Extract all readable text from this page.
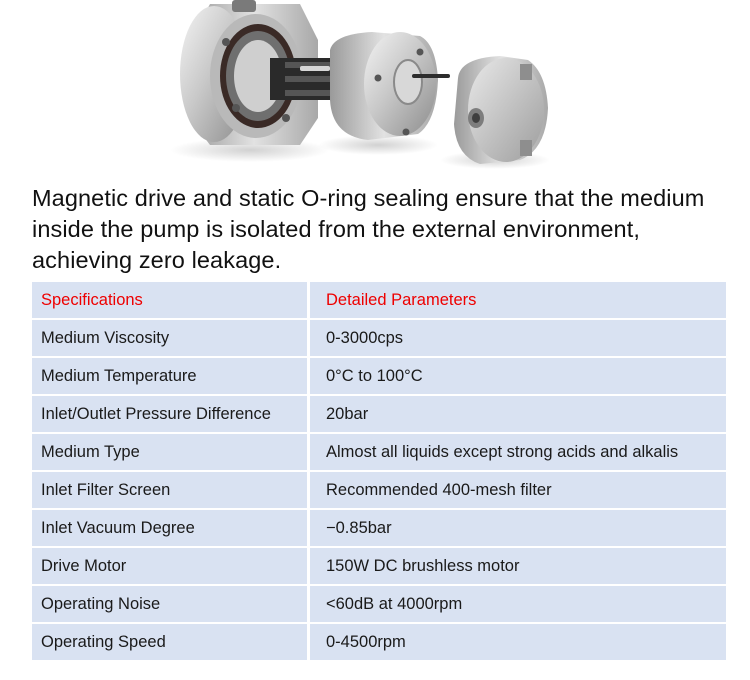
Magnetic drive and static O-ring sealing ensure that the medium inside the pump is isolated from the external environment, achieving zero leakage.

Specifications	Detailed Parameters
Medium Viscosity	0-3000cps
Medium Temperature	0°C to 100°C
Inlet/Outlet Pressure Difference	20bar
Medium Type	Almost all liquids except strong acids and alkalis
Inlet Filter Screen	Recommended 400-mesh filter
Inlet Vacuum Degree	−0.85bar
Drive Motor	150W DC brushless motor
Operating Noise	<60dB at 4000rpm
Operating Speed	0-4500rpm
